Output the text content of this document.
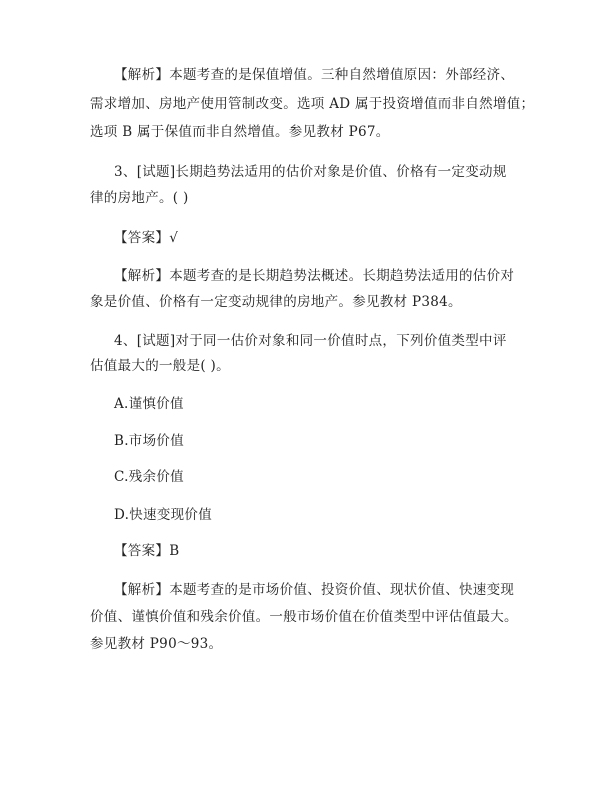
【解析】本题考查的是保值增值。三种自然增值原因：外部经济、
需求增加、房地产使用管制改变。选项 AD 属于投资增值而非自然增值；
选项 B 属于保值而非自然增值。参见教材 P67。
3、[试题]长期趋势法适用的估价对象是价值、价格有一定变动规
律的房地产。( )
【答案】√
【解析】本题考查的是长期趋势法概述。长期趋势法适用的估价对
象是价值、价格有一定变动规律的房地产。参见教材 P384。
4、[试题]对于同一估价对象和同一价值时点，下列价值类型中评
估值最大的一般是( )。
A.谨慎价值
B.市场价值
C.残余价值
D.快速变现价值
【答案】B
【解析】本题考查的是市场价值、投资价值、现状价值、快速变现
价值、谨慎价值和残余价值。一般市场价值在价值类型中评估值最大。
参见教材 P90～93。
